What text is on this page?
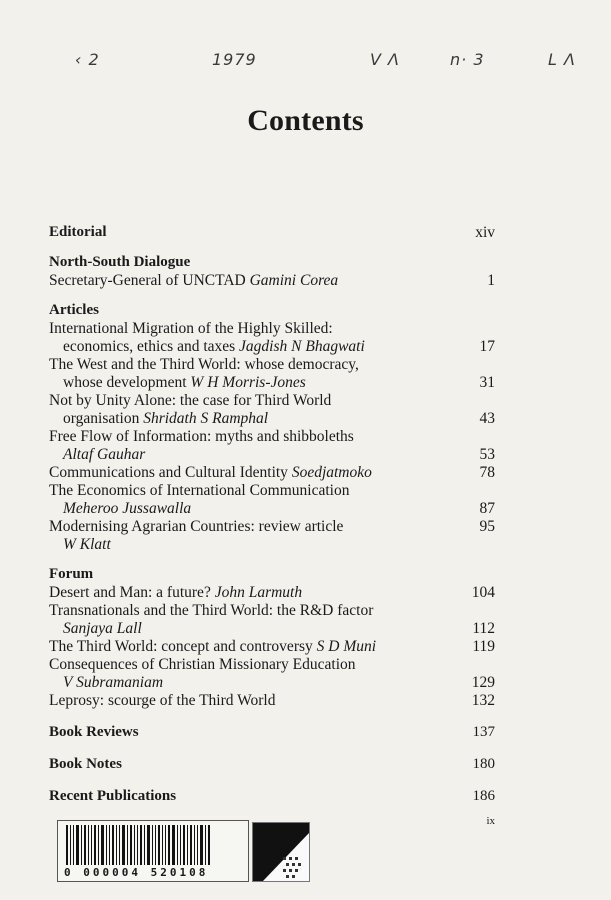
‹ 2	1979	V Λ	n· 3	L Λ
Contents
Editorial	xiv
North-South Dialogue
Secretary-General of UNCTAD Gamini Corea	1
Articles
International Migration of the Highly Skilled:
economics, ethics and taxes Jagdish N Bhagwati	17
The West and the Third World: whose democracy,
whose development W H Morris-Jones	31
Not by Unity Alone: the case for Third World
organisation Shridath S Ramphal	43
Free Flow of Information: myths and shibboleths
Altaf Gauhar	53
Communications and Cultural Identity Soedjatmoko	78
The Economics of International Communication
Meheroo Jussawalla	87
Modernising Agrarian Countries: review article	95
W Klatt
Forum
Desert and Man: a future? John Larmuth	104
Transnationals and the Third World: the R&D factor
Sanjaya Lall	112
The Third World: concept and controversy S D Muni	119
Consequences of Christian Missionary Education
V Subramaniam	129
Leprosy: scourge of the Third World	132
Book Reviews	137
Book Notes	180
Recent Publications	186
ix
0 000004 520108
